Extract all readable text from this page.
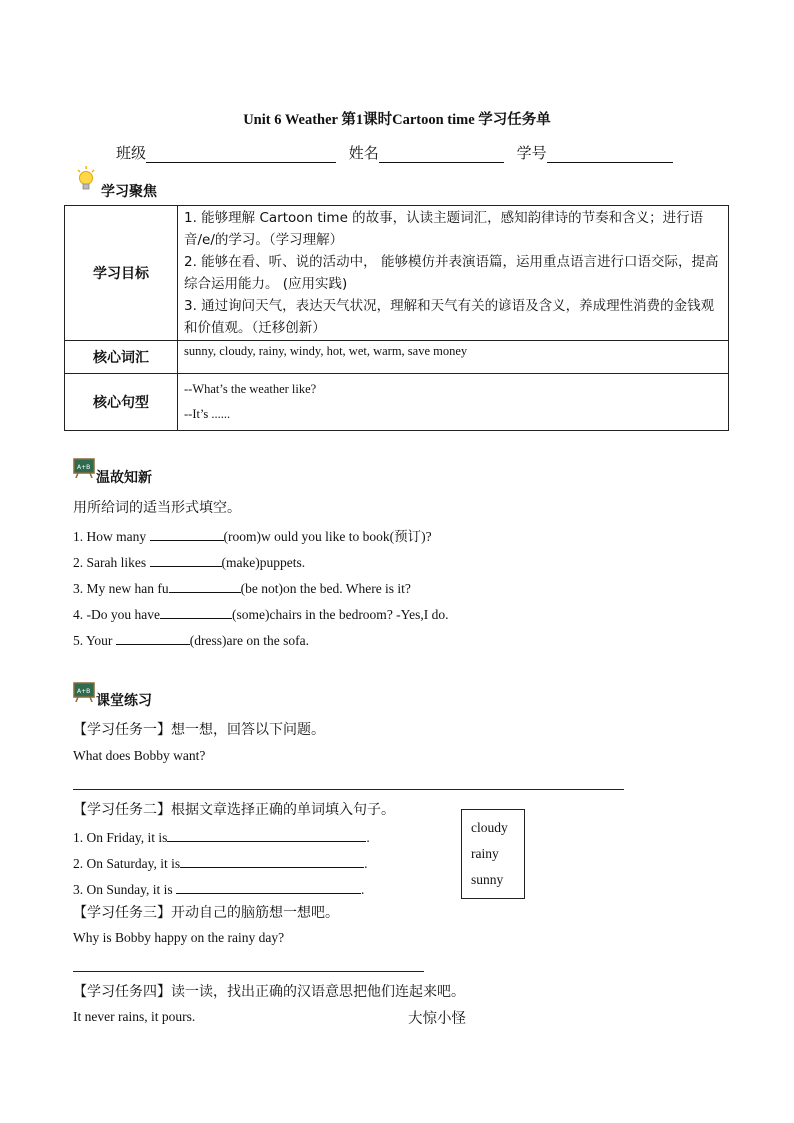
Unit 6 Weather 第1课时Cartoon time 学习任务单
班级	姓名	学号
学习聚焦
学习目标	1. 能够理解 Cartoon time 的故事，认读主题词汇，感知韵律诗的节奏和含义；进行语音/e/的学习。（学习理解）
2. 能够在看、听、说的活动中， 能够模仿并表演语篇，运用重点语言进行口语交际，提高综合运用能力。 (应用实践)
3. 通过询问天气，表达天气状况，理解和天气有关的谚语及含义，养成理性消费的金钱观和价值观。（迁移创新）

核心词汇	sunny, cloudy, rainy, windy, hot, wet, warm, save money
核心句型	--What’s the weather like?
--It’s ......
A+B
温故知新
用所给词的适当形式填空。
1. How many	(room)w ould you like to book(预订)?
2. Sarah likes	(make)puppets.
3. My new han fu	(be not)on the bed. Where is it?
4. -Do you have	(some)chairs in the bedroom? -Yes,I do.
5. Your	(dress)are on the sofa.
A+B
课堂练习
【学习任务一】想一想，回答以下问题。
What does Bobby want?
【学习任务二】根据文章选择正确的单词填入句子。
1. On Friday, it is	.
2. On Saturday, it is	.
3. On Sunday, it is	.
cloudy
rainy
sunny
【学习任务三】开动自己的脑筋想一想吧。
Why is Bobby happy on the rainy day?
【学习任务四】读一读，找出正确的汉语意思把他们连起来吧。
It never rains, it pours.	大惊小怪
